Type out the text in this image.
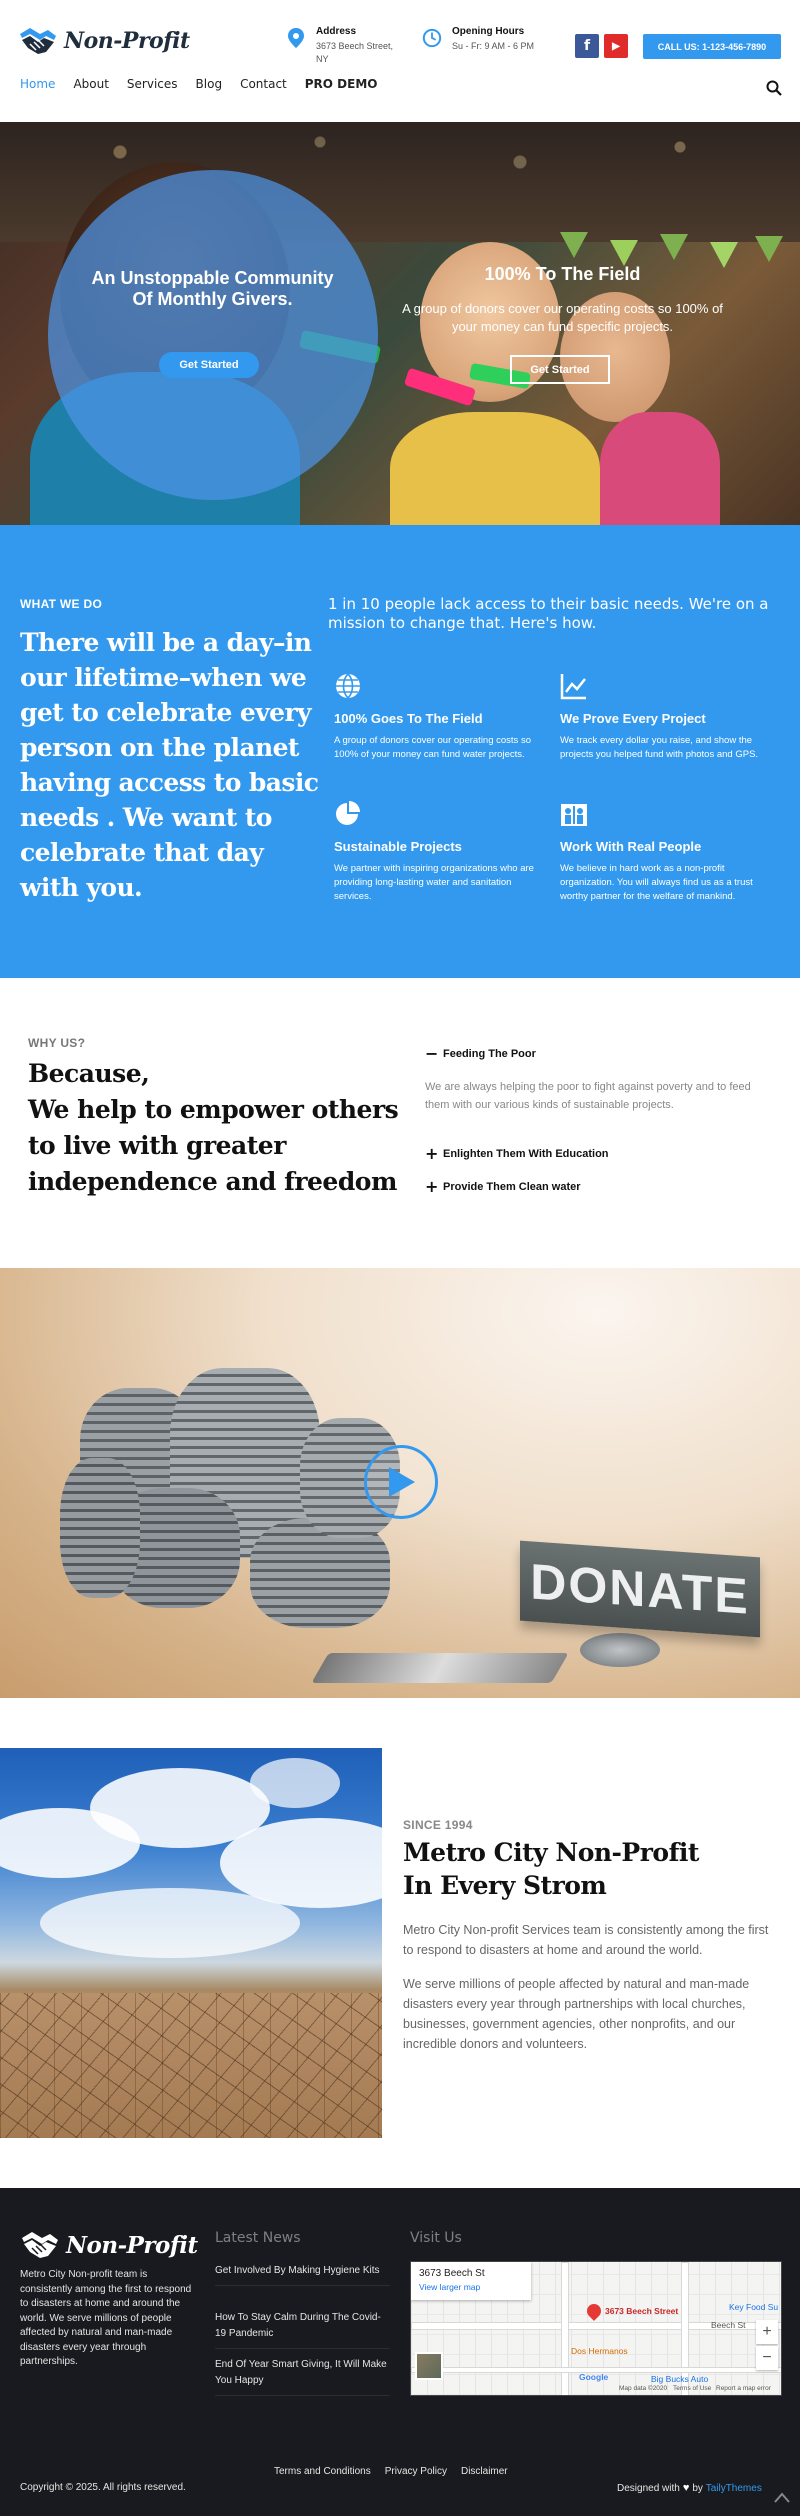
Non-Profit	Address
3673 Beech Street,
NY
Opening Hours
Su - Fr: 9 AM - 6 PM	f	▶	CALL US: 1-123-456-7890
Home About Services Blog Contact PRO DEMO
An Unstoppable Community Of Monthly Givers.
Get Started
100% To The Field
A group of donors cover our operating costs so 100% of your money can fund specific projects.
Get Started
WHAT WE DO
There will be a day–in our lifetime–when we get to celebrate every person on the planet having access to basic needs . We want to celebrate that day with you.
1 in 10 people lack access to their basic needs. We're on a mission to change that. Here's how.
100% Goes To The Field
A group of donors cover our operating costs so 100% of your money can fund water projects.
We Prove Every Project
We track every dollar you raise, and show the projects you helped fund with photos and GPS.
Sustainable Projects
We partner with inspiring organizations who are providing long-lasting water and sanitation services.
Work With Real People
We believe in hard work as a non-profit organization. You will always find us as a trust worthy partner for the welfare of mankind.
WHY US?
Because,
We help to empower others to live with greater independence and freedom
− Feeding The Poor
We are always helping the poor to fight against poverty and to feed them with our various kinds of sustainable projects.
+ Enlighten Them With Education
+ Provide Them Clean water
DONATE
SINCE 1994
Metro City Non-Profit In Every Strom
Metro City Non-profit Services team is consistently among the first to respond to disasters at home and around the world.
We serve millions of people affected by natural and man-made disasters every year through partnerships with local churches, businesses, government agencies, other nonprofits, and our incredible donors and volunteers.
Non-Profit
Metro City Non-profit team is consistently among the first to respond to disasters at home and around the world. We serve millions of people affected by natural and man-made disasters every year through partnerships.
Latest News
Get Involved By Making Hygiene Kits
How To Stay Calm During The Covid-19 Pandemic
End Of Year Smart Giving, It Will Make You Happy
Visit Us
3673 Beech St
View larger map
3673 Beech Street	Key Food Su
Beech St
Dos Hermanos
Big Bucks Auto
Google
Map data ©2020 Terms of Use Report a map error
+
−
Terms and Conditions Privacy Policy Disclaimer
Copyright © 2025. All rights reserved.	Designed with ♥ by
TailyThemes
